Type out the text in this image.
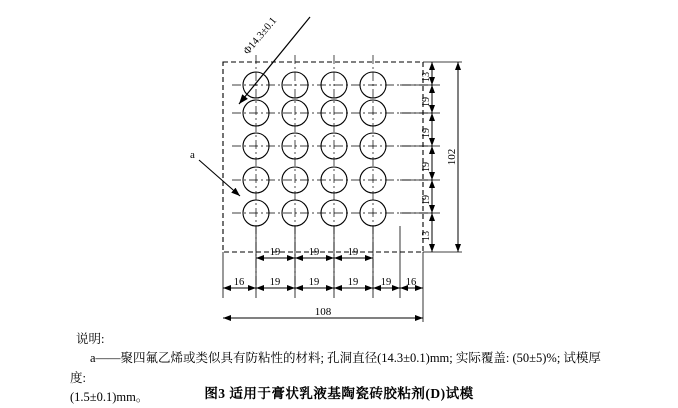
Φ14.3±0.1
a
13
19
19
19
19
13
102
19	19	19
16 19	19	19 19 16
108
说明:
a——聚四氟乙烯或类似具有防粘性的材料; 孔洞直径(14.3±0.1)mm; 实际覆盖: (50±5)%; 试模厚度:
(1.5±0.1)mm。	图3 适用于膏状乳液基陶瓷砖胶粘剂(D)试模
